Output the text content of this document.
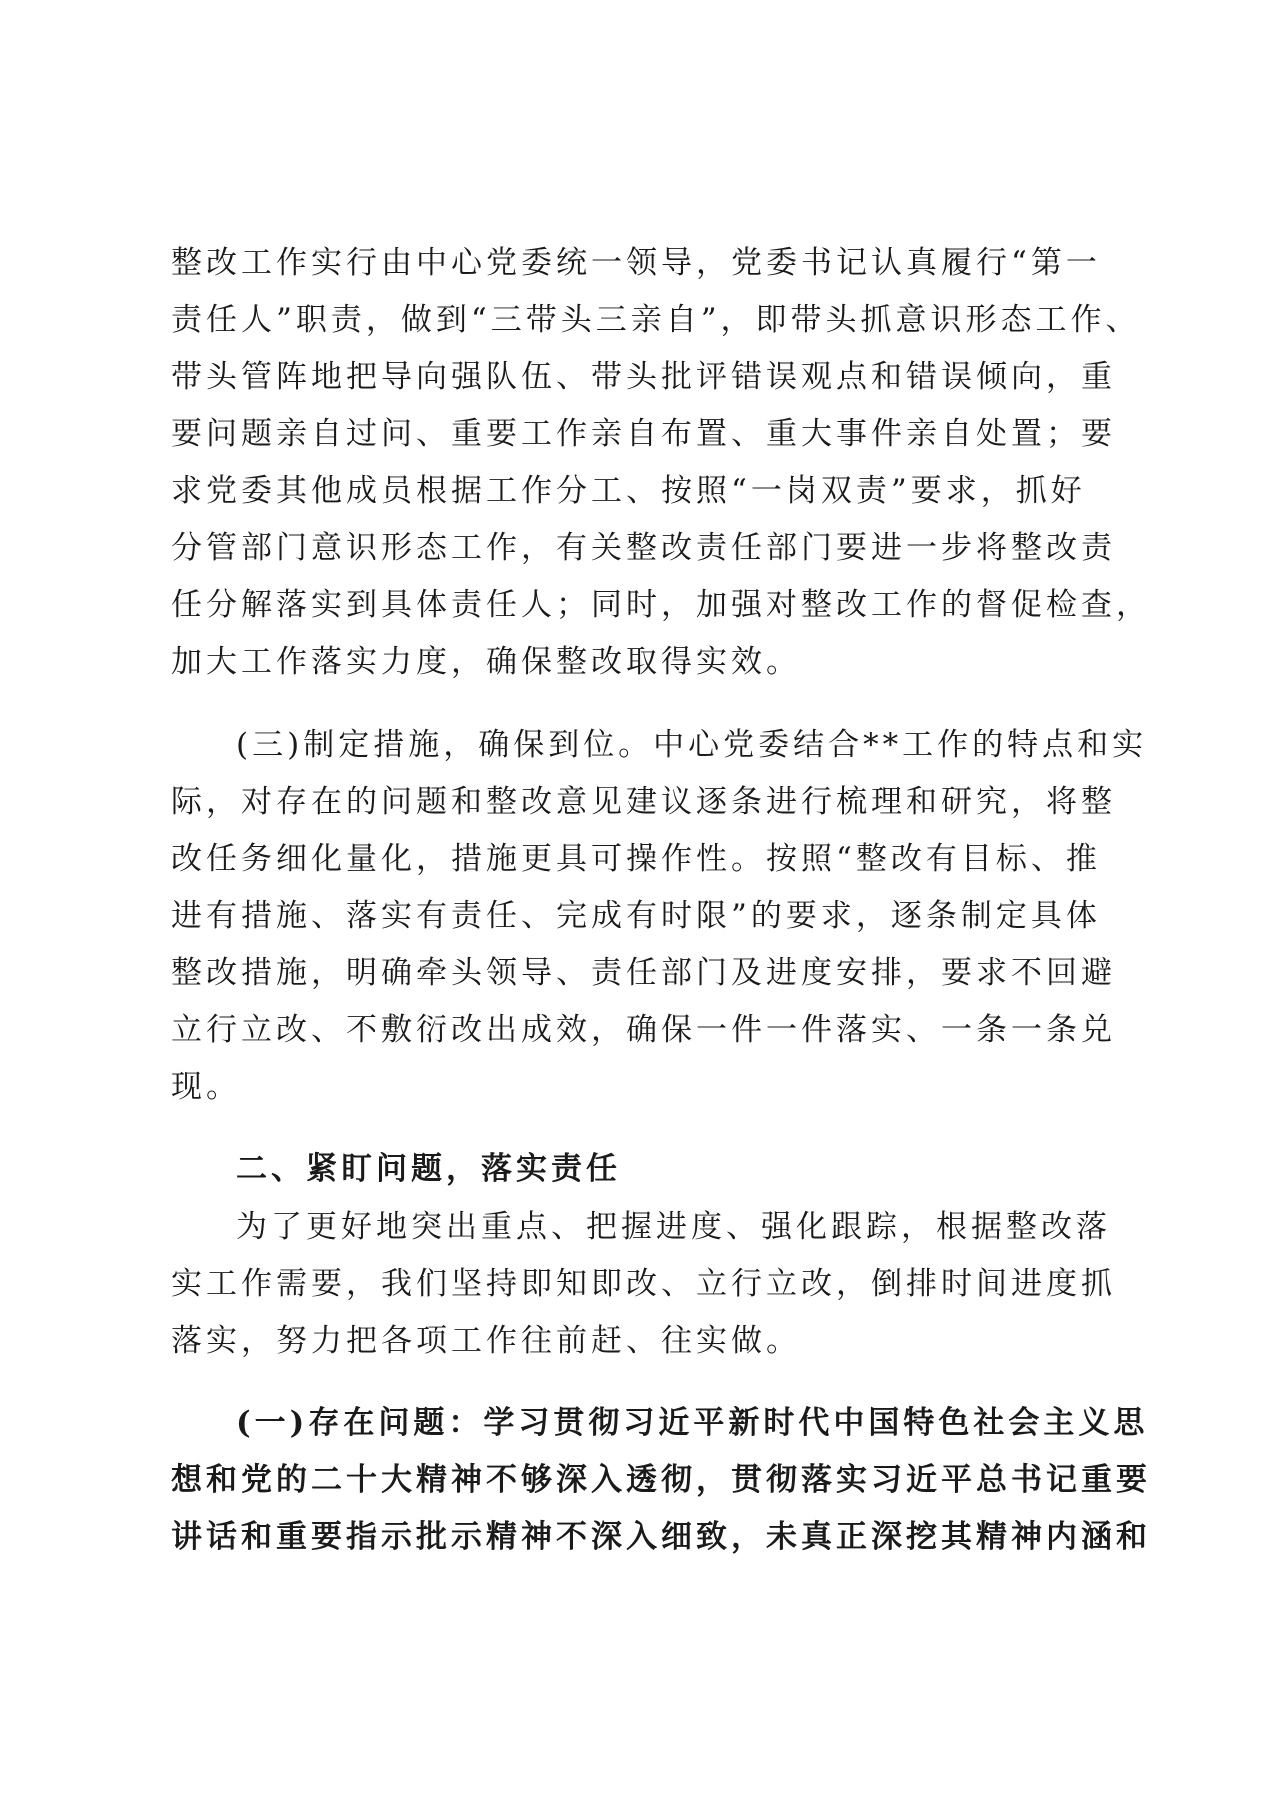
整改工作实行由中心党委统一领导，党委书记认真履行“第一
责任人”职责，做到“三带头三亲自”，即带头抓意识形态工作、
带头管阵地把导向强队伍、带头批评错误观点和错误倾向，重
要问题亲自过问、重要工作亲自布置、重大事件亲自处置；要
求党委其他成员根据工作分工、按照“一岗双责”要求，抓好
分管部门意识形态工作，有关整改责任部门要进一步将整改责
任分解落实到具体责任人；同时，加强对整改工作的督促检查，
加大工作落实力度，确保整改取得实效。
(三)制定措施，确保到位。中心党委结合**工作的特点和实
际，对存在的问题和整改意见建议逐条进行梳理和研究，将整
改任务细化量化，措施更具可操作性。按照“整改有目标、推
进有措施、落实有责任、完成有时限”的要求，逐条制定具体
整改措施，明确牵头领导、责任部门及进度安排，要求不回避
立行立改、不敷衍改出成效，确保一件一件落实、一条一条兑
现。
二、紧盯问题，落实责任
为了更好地突出重点、把握进度、强化跟踪，根据整改落
实工作需要，我们坚持即知即改、立行立改，倒排时间进度抓
落实，努力把各项工作往前赶、往实做。
(一)存在问题：学习贯彻习近平新时代中国特色社会主义思
想和党的二十大精神不够深入透彻，贯彻落实习近平总书记重要
讲话和重要指示批示精神不深入细致，未真正深挖其精神内涵和
